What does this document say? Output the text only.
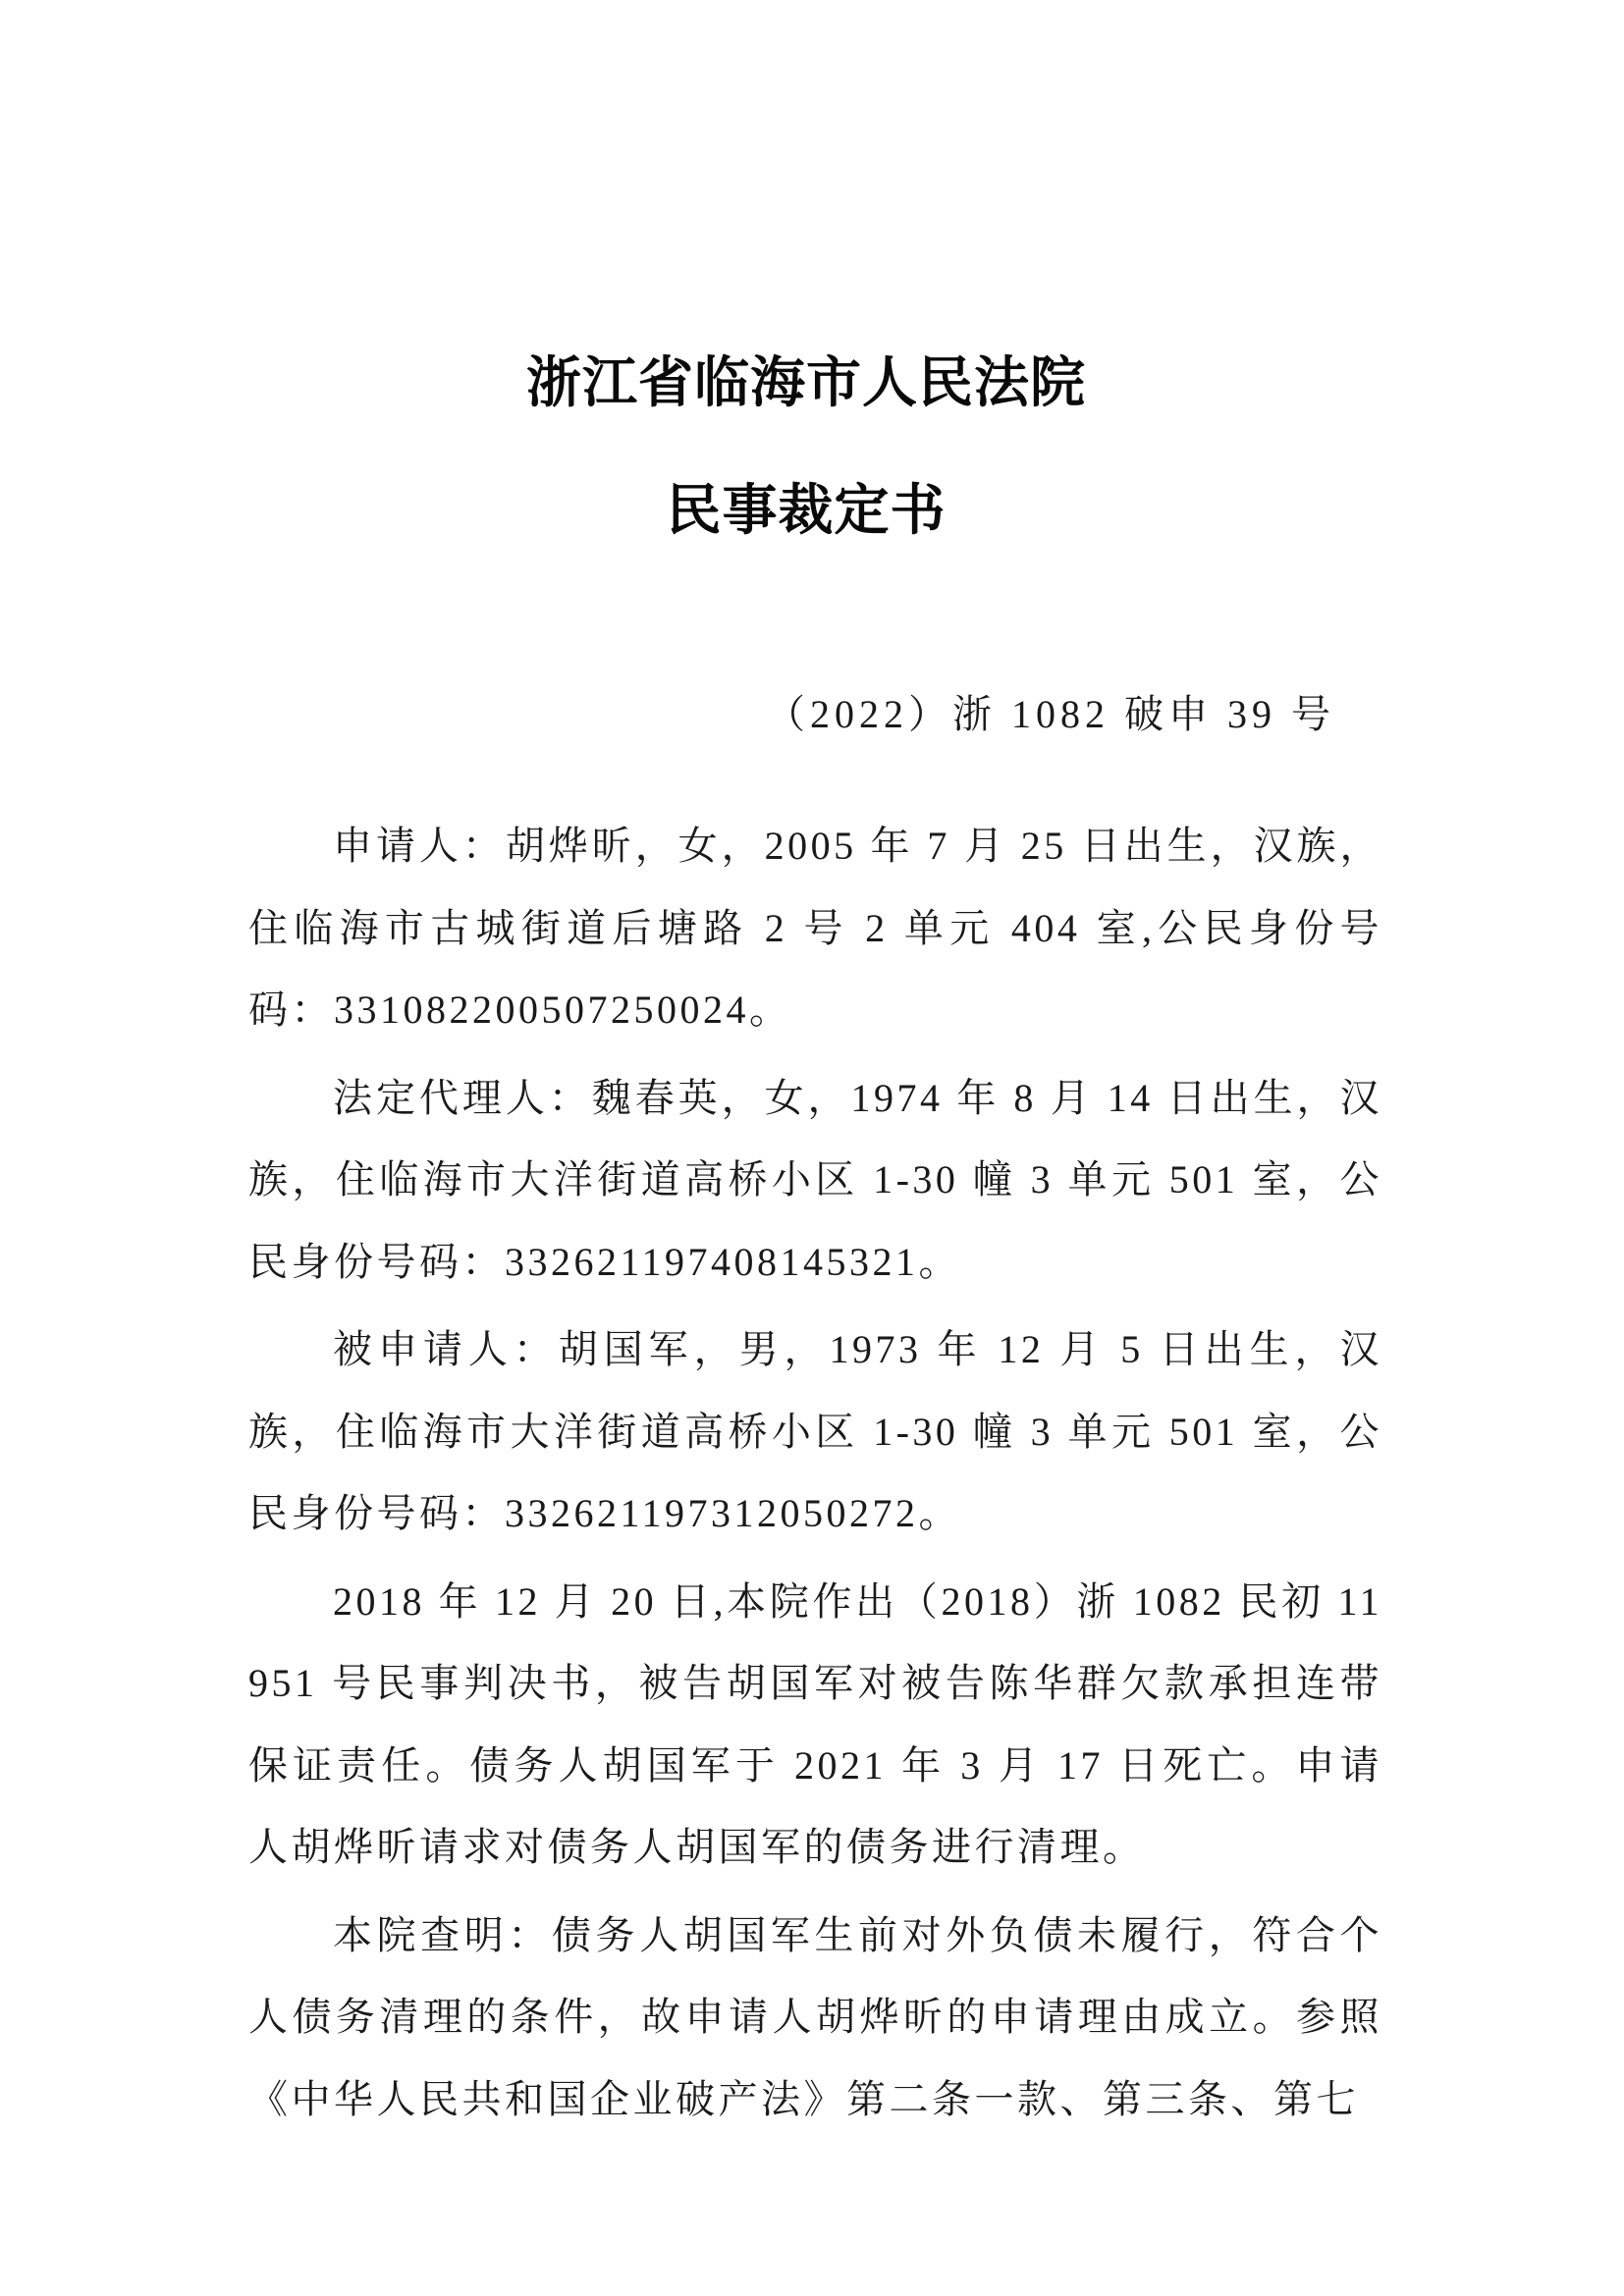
浙江省临海市人民法院
民事裁定书
（2022）浙 1082 破申 39 号

申请人：胡烨昕，女，2005 年 7 月 25 日出生，汉族，住临海市古城街道后塘路 2 号 2 单元 404 室,公民身份号码：331082200507250024。

法定代理人：魏春英，女，1974 年 8 月 14 日出生，汉族，住临海市大洋街道高桥小区 1-30 幢 3 单元 501 室，公民身份号码：332621197408145321。

被申请人：胡国军，男，1973 年 12 月 5 日出生，汉族，住临海市大洋街道高桥小区 1-30 幢 3 单元 501 室，公民身份号码：332621197312050272。

2018 年 12 月 20 日,本院作出（2018）浙 1082 民初 11951 号民事判决书，被告胡国军对被告陈华群欠款承担连带保证责任。债务人胡国军于 2021 年 3 月 17 日死亡。申请人胡烨昕请求对债务人胡国军的债务进行清理。

本院查明：债务人胡国军生前对外负债未履行，符合个人债务清理的条件，故申请人胡烨昕的申请理由成立。参照《中华人民共和国企业破产法》第二条一款、第三条、第七
